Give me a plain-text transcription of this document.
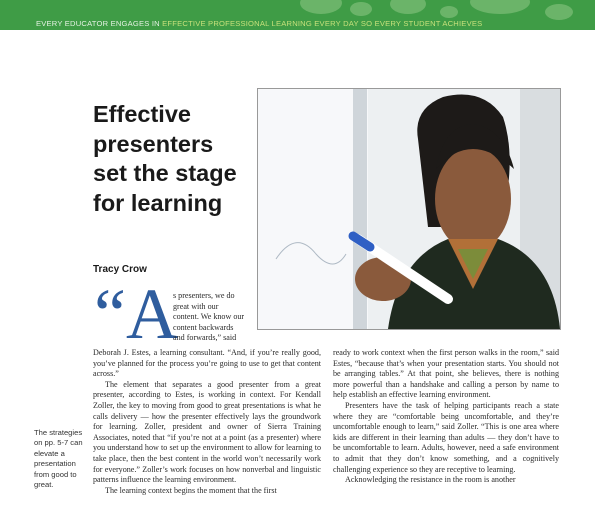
EVERY EDUCATOR ENGAGES IN EFFECTIVE PROFESSIONAL LEARNING EVERY DAY SO EVERY STUDENT ACHIEVES
Effective presenters set the stage for learning
Tracy Crow
“A

s presenters, we do great with our content. We know our content backwards and forwards,” said

Deborah J. Estes, a learning consultant. “And, if you’re really good, you’ve planned for the process you’re going to use to get that content across.”

The element that separates a good presenter from a great presenter, according to Estes, is working in context. For Kendall Zoller, the key to moving from good to great presentations is what he calls delivery — how the presenter effectively lays the groundwork for learning. Zoller, president and owner of Sierra Training Associates, noted that “if you’re not at a point (as a presenter) where you understand how to set up the environment to allow for learning to take place, then the best content in the world won’t necessarily work for everyone.” Zoller’s work focuses on how nonverbal and linguistic patterns influence the learning environment.

The learning context begins the moment that the first

ready to work context when the first person walks in the room,” said Estes, “because that’s when your presentation starts. You should not be arranging tables.” At that point, she believes, there is nothing more powerful than a handshake and calling a person by name to help establish an effective learning environment.

Presenters have the task of helping participants reach a state where they are “comfortable being uncomfortable, and they’re uncomfortable enough to learn,” said Zoller. “This is one area where kids are different in their learning than adults — they don’t have to be uncomfortable to learn. Adults, however, need a safe environment to admit that they don’t know something, and a cognitively challenging experience so they are receptive to learning.

Acknowledging the resistance in the room is another

The strategies on pp. 5-7 can elevate a presentation from good to great.
